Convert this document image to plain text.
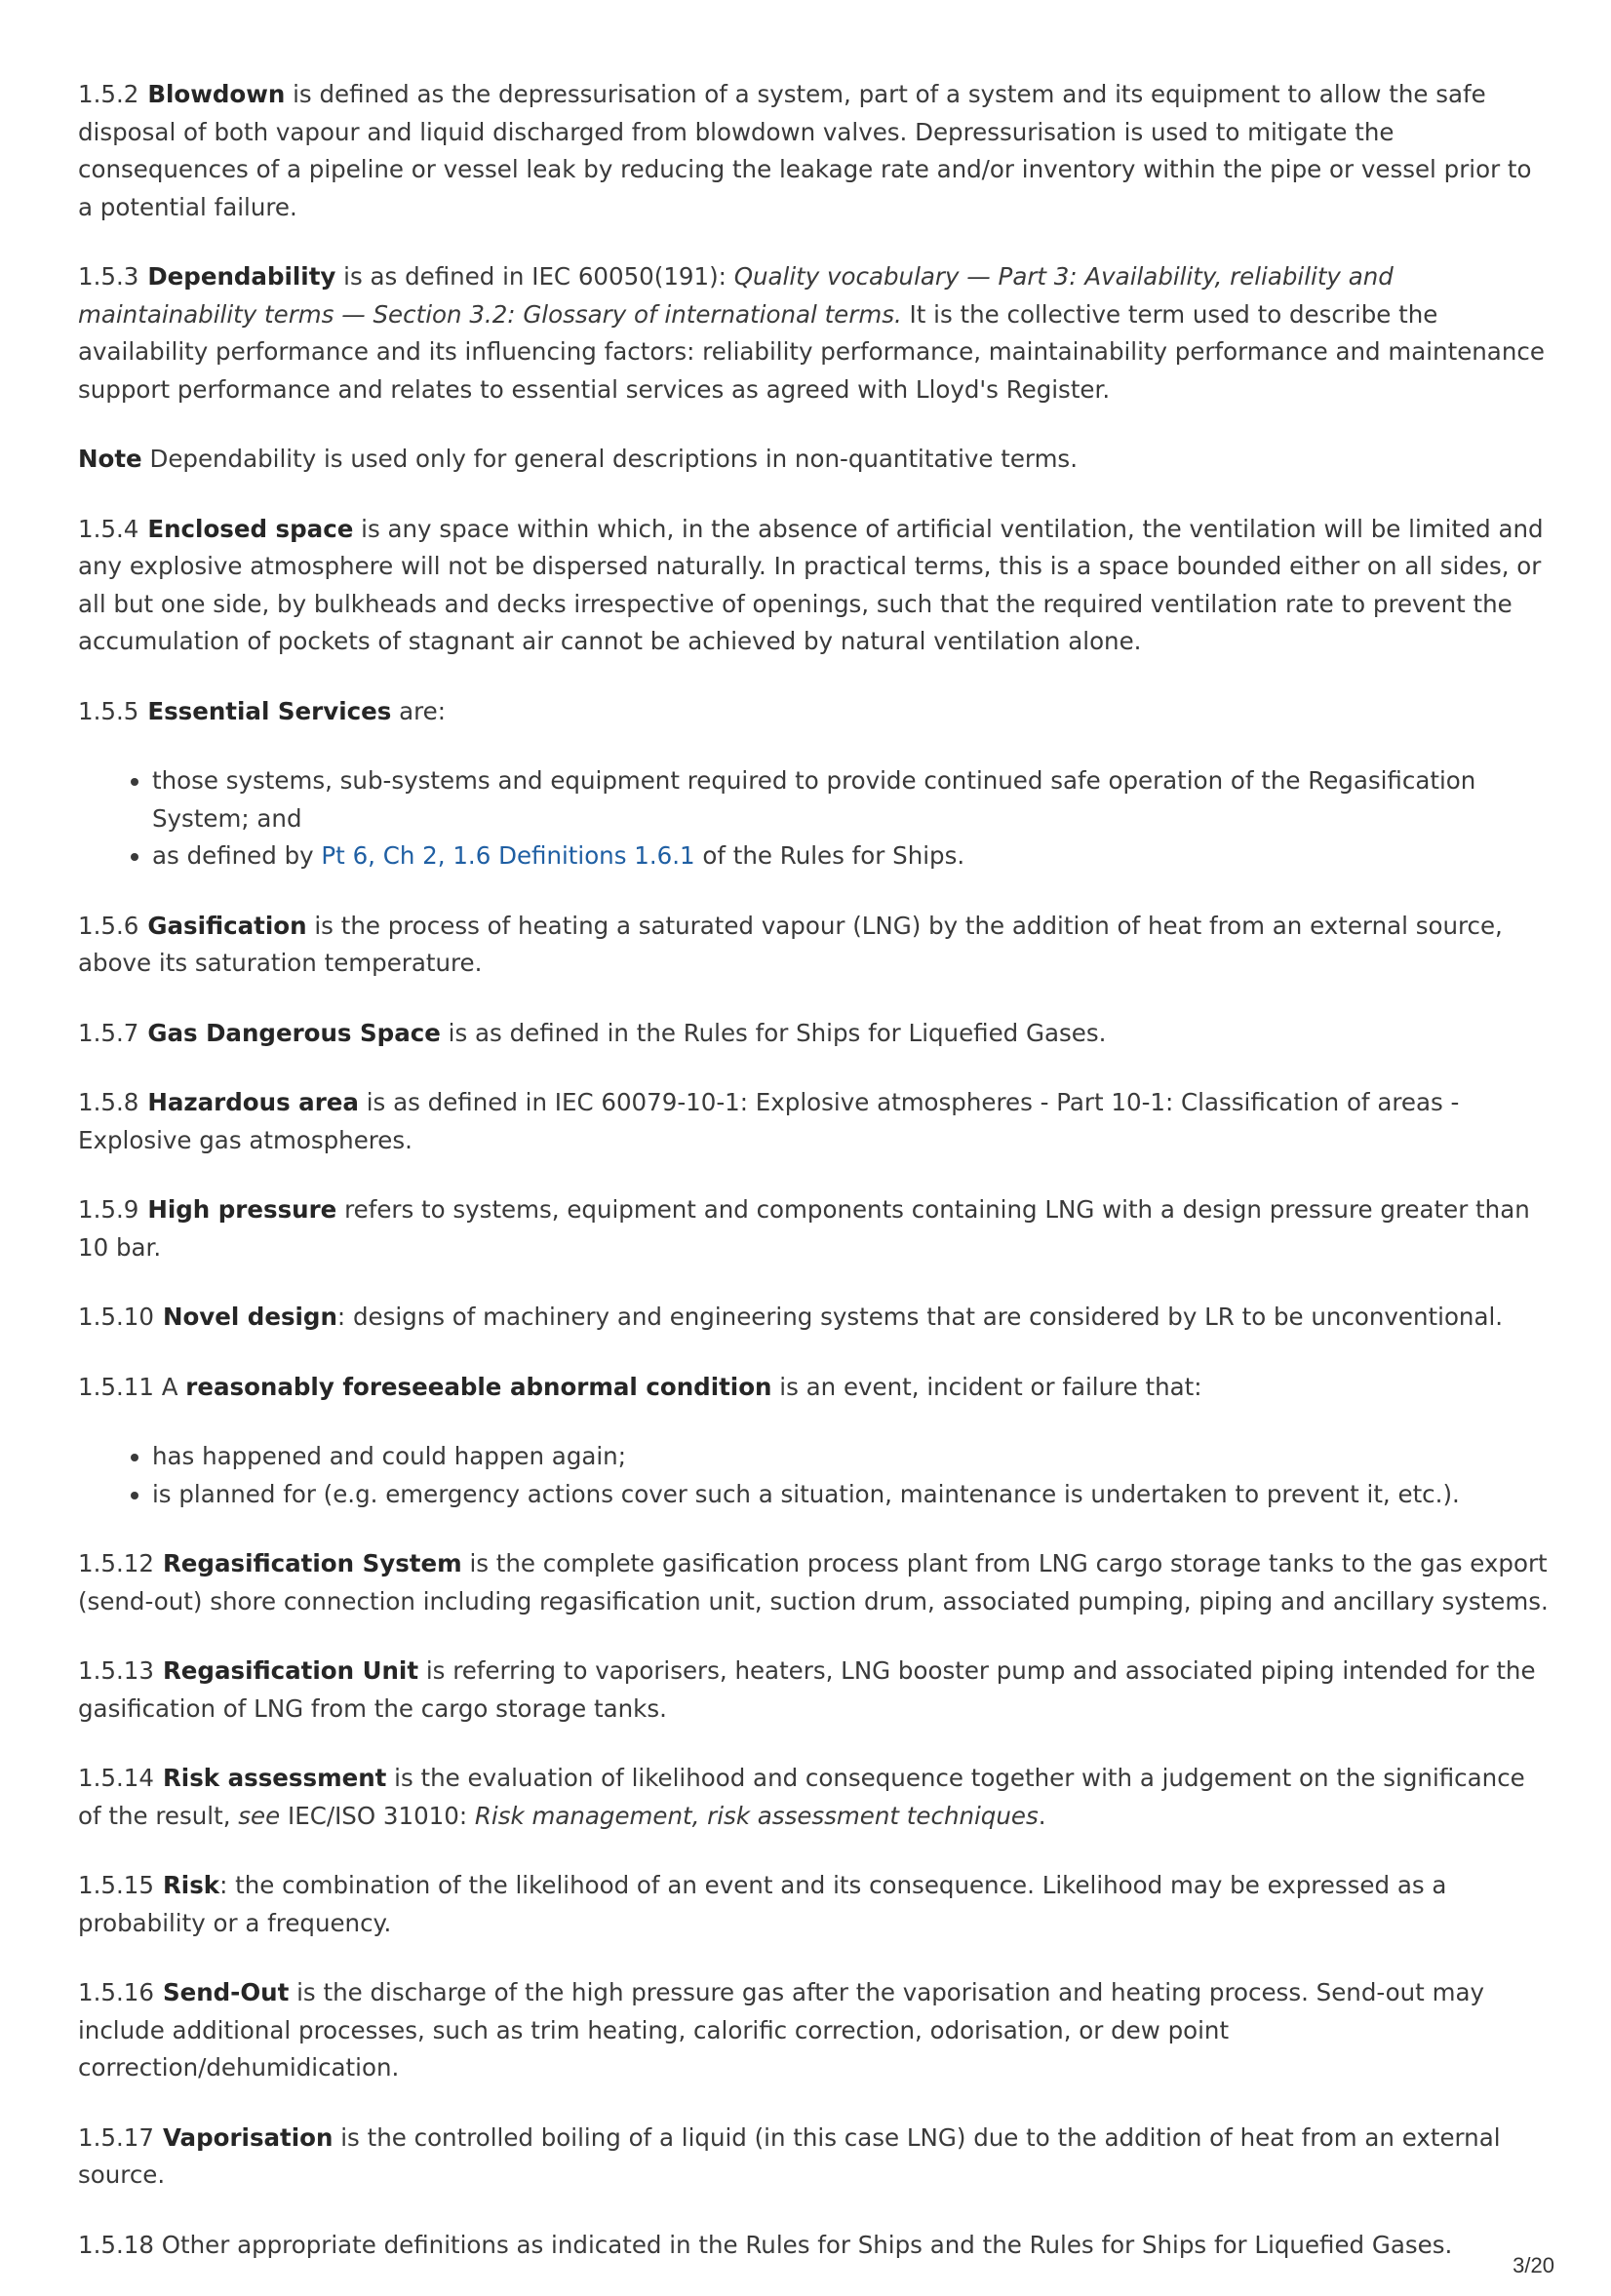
1.5.2 Blowdown is defined as the depressurisation of a system, part of a system and its equipment to allow the safe disposal of both vapour and liquid discharged from blowdown valves. Depressurisation is used to mitigate the consequences of a pipeline or vessel leak by reducing the leakage rate and/or inventory within the pipe or vessel prior to a potential failure.

1.5.3 Dependability is as defined in IEC 60050(191): Quality vocabulary — Part 3: Availability, reliability and maintainability terms — Section 3.2: Glossary of international terms. It is the collective term used to describe the availability performance and its influencing factors: reliability performance, maintainability performance and maintenance support performance and relates to essential services as agreed with Lloyd's Register.

Note Dependability is used only for general descriptions in non-quantitative terms.

1.5.4 Enclosed space is any space within which, in the absence of artificial ventilation, the ventilation will be limited and any explosive atmosphere will not be dispersed naturally. In practical terms, this is a space bounded either on all sides, or all but one side, by bulkheads and decks irrespective of openings, such that the required ventilation rate to prevent the accumulation of pockets of stagnant air cannot be achieved by natural ventilation alone.

1.5.5 Essential Services are:

• those systems, sub-systems and equipment required to provide continued safe operation of the Regasification System; and
• as defined by Pt 6, Ch 2, 1.6 Definitions 1.6.1 of the Rules for Ships.

1.5.6 Gasification is the process of heating a saturated vapour (LNG) by the addition of heat from an external source, above its saturation temperature.

1.5.7 Gas Dangerous Space is as defined in the Rules for Ships for Liquefied Gases.

1.5.8 Hazardous area is as defined in IEC 60079-10-1: Explosive atmospheres - Part 10-1: Classification of areas - Explosive gas atmospheres.

1.5.9 High pressure refers to systems, equipment and components containing LNG with a design pressure greater than 10 bar.

1.5.10 Novel design: designs of machinery and engineering systems that are considered by LR to be unconventional.

1.5.11 A reasonably foreseeable abnormal condition is an event, incident or failure that:

• has happened and could happen again;
• is planned for (e.g. emergency actions cover such a situation, maintenance is undertaken to prevent it, etc.).

1.5.12 Regasification System is the complete gasification process plant from LNG cargo storage tanks to the gas export (send-out) shore connection including regasification unit, suction drum, associated pumping, piping and ancillary systems.

1.5.13 Regasification Unit is referring to vaporisers, heaters, LNG booster pump and associated piping intended for the gasification of LNG from the cargo storage tanks.

1.5.14 Risk assessment is the evaluation of likelihood and consequence together with a judgement on the significance of the result, see IEC/ISO 31010: Risk management, risk assessment techniques.

1.5.15 Risk: the combination of the likelihood of an event and its consequence. Likelihood may be expressed as a probability or a frequency.

1.5.16 Send-Out is the discharge of the high pressure gas after the vaporisation and heating process. Send-out may include additional processes, such as trim heating, calorific correction, odorisation, or dew point correction/dehumidication.

1.5.17 Vaporisation is the controlled boiling of a liquid (in this case LNG) due to the addition of heat from an external source.

1.5.18 Other appropriate definitions as indicated in the Rules for Ships and the Rules for Ships for Liquefied Gases.

3/20
